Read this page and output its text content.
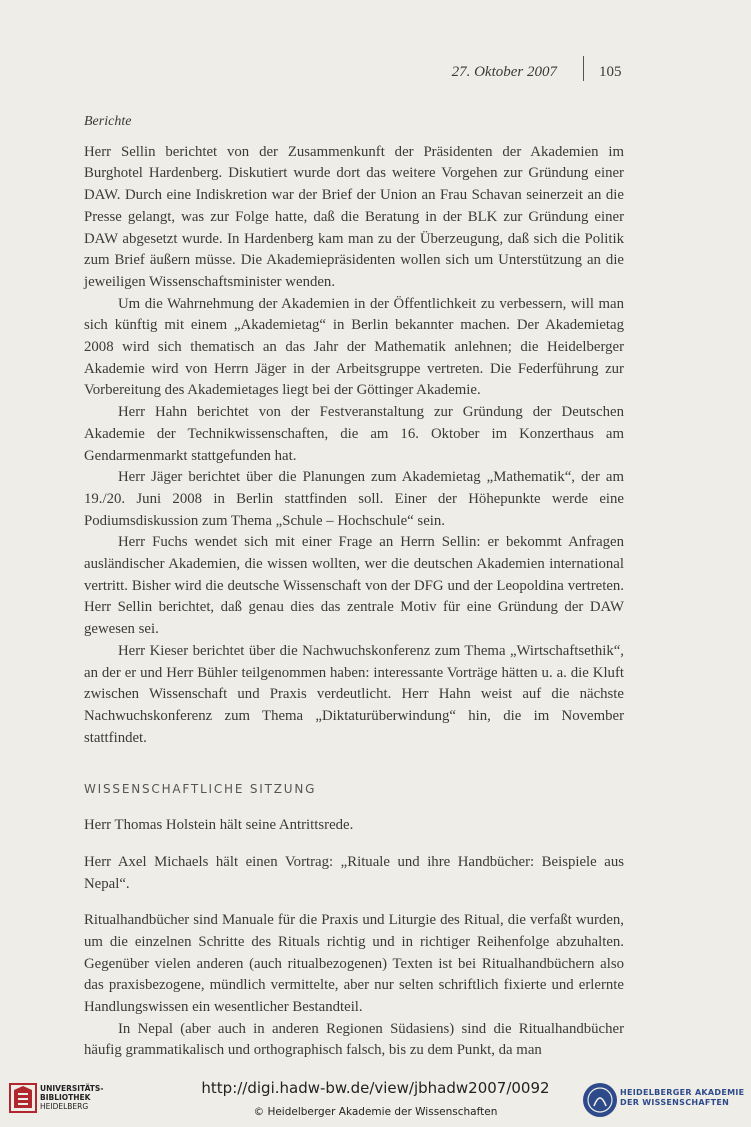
27. Oktober 2007	105

Berichte

Herr Sellin berichtet von der Zusammenkunft der Präsidenten der Akademien im Burghotel Hardenberg. Diskutiert wurde dort das weitere Vorgehen zur Gründung einer DAW. Durch eine Indiskretion war der Brief der Union an Frau Schavan seinerzeit an die Presse gelangt, was zur Folge hatte, daß die Beratung in der BLK zur Gründung einer DAW abgesetzt wurde. In Hardenberg kam man zu der Überzeugung, daß sich die Politik zum Brief äußern müsse. Die Akademiepräsidenten wollen sich um Unterstützung an die jeweiligen Wissenschaftsminister wenden.

Um die Wahrnehmung der Akademien in der Öffentlichkeit zu verbessern, will man sich künftig mit einem „Akademietag“ in Berlin bekannter machen. Der Akademietag 2008 wird sich thematisch an das Jahr der Mathematik anlehnen; die Heidelberger Akademie wird von Herrn Jäger in der Arbeitsgruppe vertreten. Die Federführung zur Vorbereitung des Akademietages liegt bei der Göttinger Akademie.

Herr Hahn berichtet von der Festveranstaltung zur Gründung der Deutschen Akademie der Technikwissenschaften, die am 16. Oktober im Konzerthaus am Gendarmenmarkt stattgefunden hat.

Herr Jäger berichtet über die Planungen zum Akademietag „Mathematik“, der am 19./20. Juni 2008 in Berlin stattfinden soll. Einer der Höhepunkte werde eine Podiumsdiskussion zum Thema „Schule – Hochschule“ sein.

Herr Fuchs wendet sich mit einer Frage an Herrn Sellin: er bekommt Anfragen ausländischer Akademien, die wissen wollten, wer die deutschen Akademien international vertritt. Bisher wird die deutsche Wissenschaft von der DFG und der Leopoldina vertreten. Herr Sellin berichtet, daß genau dies das zentrale Motiv für eine Gründung der DAW gewesen sei.

Herr Kieser berichtet über die Nachwuchskonferenz zum Thema „Wirtschaftsethik“, an der er und Herr Bühler teilgenommen haben: interessante Vorträge hätten u. a. die Kluft zwischen Wissenschaft und Praxis verdeutlicht. Herr Hahn weist auf die nächste Nachwuchskonferenz zum Thema „Diktaturüberwindung“ hin, die im November stattfindet.

WISSENSCHAFTLICHE SITZUNG

Herr Thomas Holstein hält seine Antrittsrede.

Herr Axel Michaels hält einen Vortrag: „Rituale und ihre Handbücher: Beispiele aus Nepal“.

Ritualhandbücher sind Manuale für die Praxis und Liturgie des Ritual, die verfaßt wurden, um die einzelnen Schritte des Rituals richtig und in richtiger Reihenfolge abzuhalten. Gegenüber vielen anderen (auch ritualbezogenen) Texten ist bei Ritualhandbüchern also das praxisbezogene, mündlich vermittelte, aber nur selten schriftlich fixierte und erlernte Handlungswissen ein wesentlicher Bestandteil.

In Nepal (aber auch in anderen Regionen Südasiens) sind die Ritualhandbücher häufig grammatikalisch und orthographisch falsch, bis zu dem Punkt, da man

UNIVERSITÄTS-
BIBLIOTHEK
HEIDELBERG
http://digi.hadw-bw.de/view/jbhadw2007/0092
© Heidelberger Akademie der Wissenschaften
HEIDELBERGER AKADEMIE
DER WISSENSCHAFTEN
